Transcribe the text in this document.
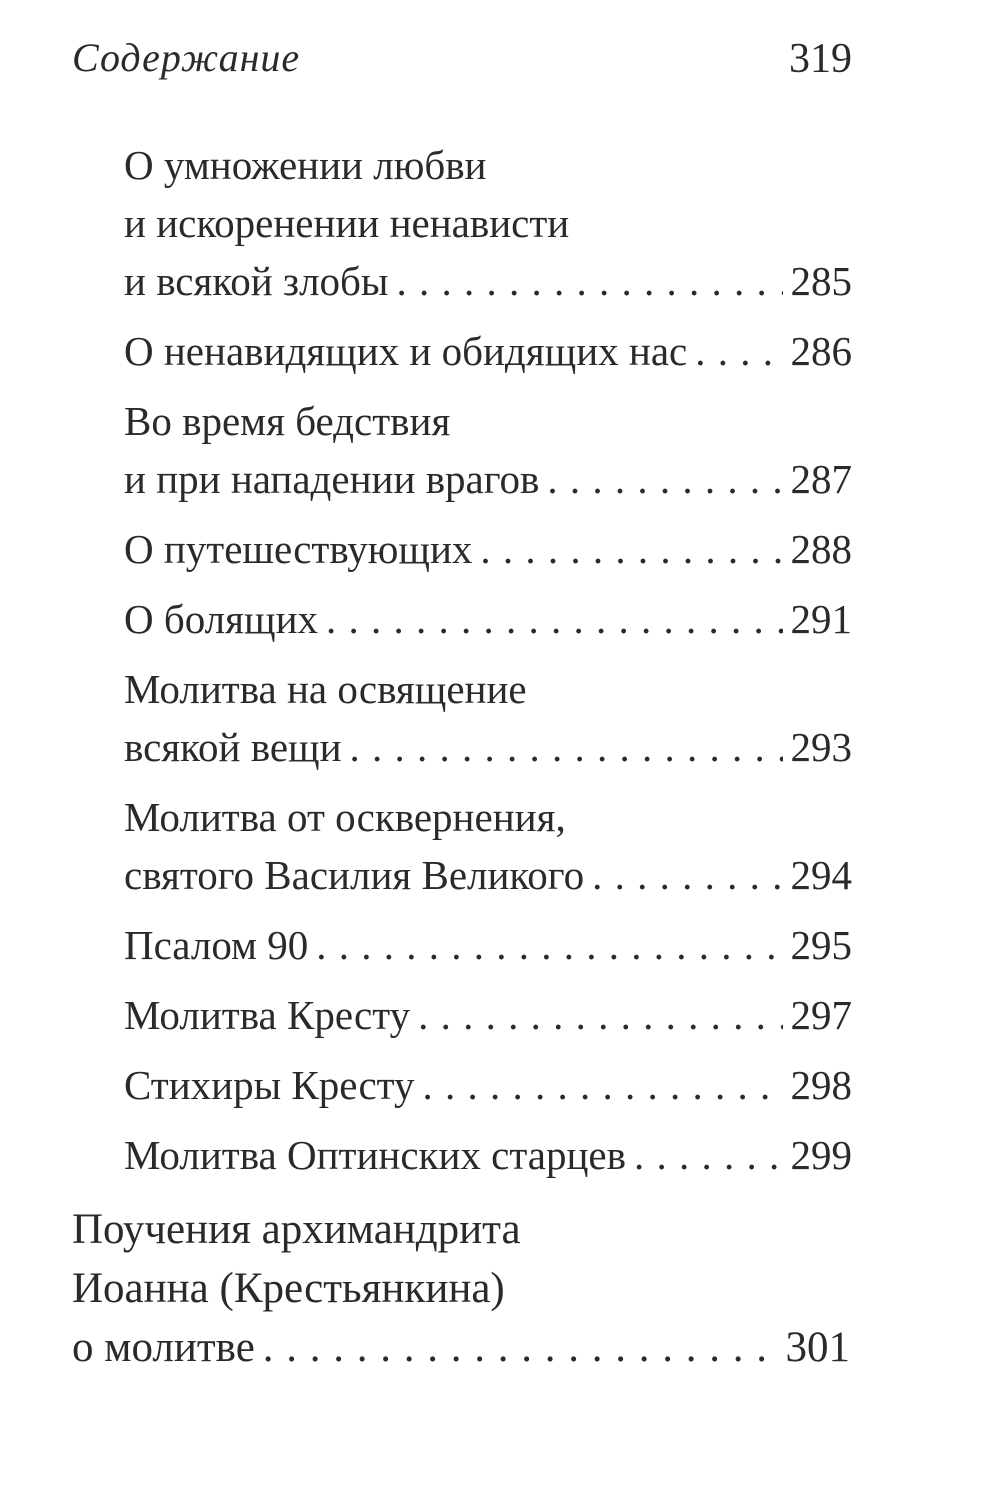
Содержание	319
О умножении любви
и искоренении ненависти
и всякой злобы . . .	285
О ненавидящих и обидящих нас . . .	286
Во время бедствия
и при нападении врагов . . .	287
О путешествующих . . .	288
О болящих . . .	291
Молитва на освящение
всякой вещи . . .	293
Молитва от осквернения,
святого Василия Великого . . .	294
Псалом 90 . . .	295
Молитва Кресту . . .	297
Стихиры Кресту . . .	298
Молитва Оптинских старцев . . .	299
Поучения архимандрита
Иоанна (Крестьянкина)
о молитве . . .	301
